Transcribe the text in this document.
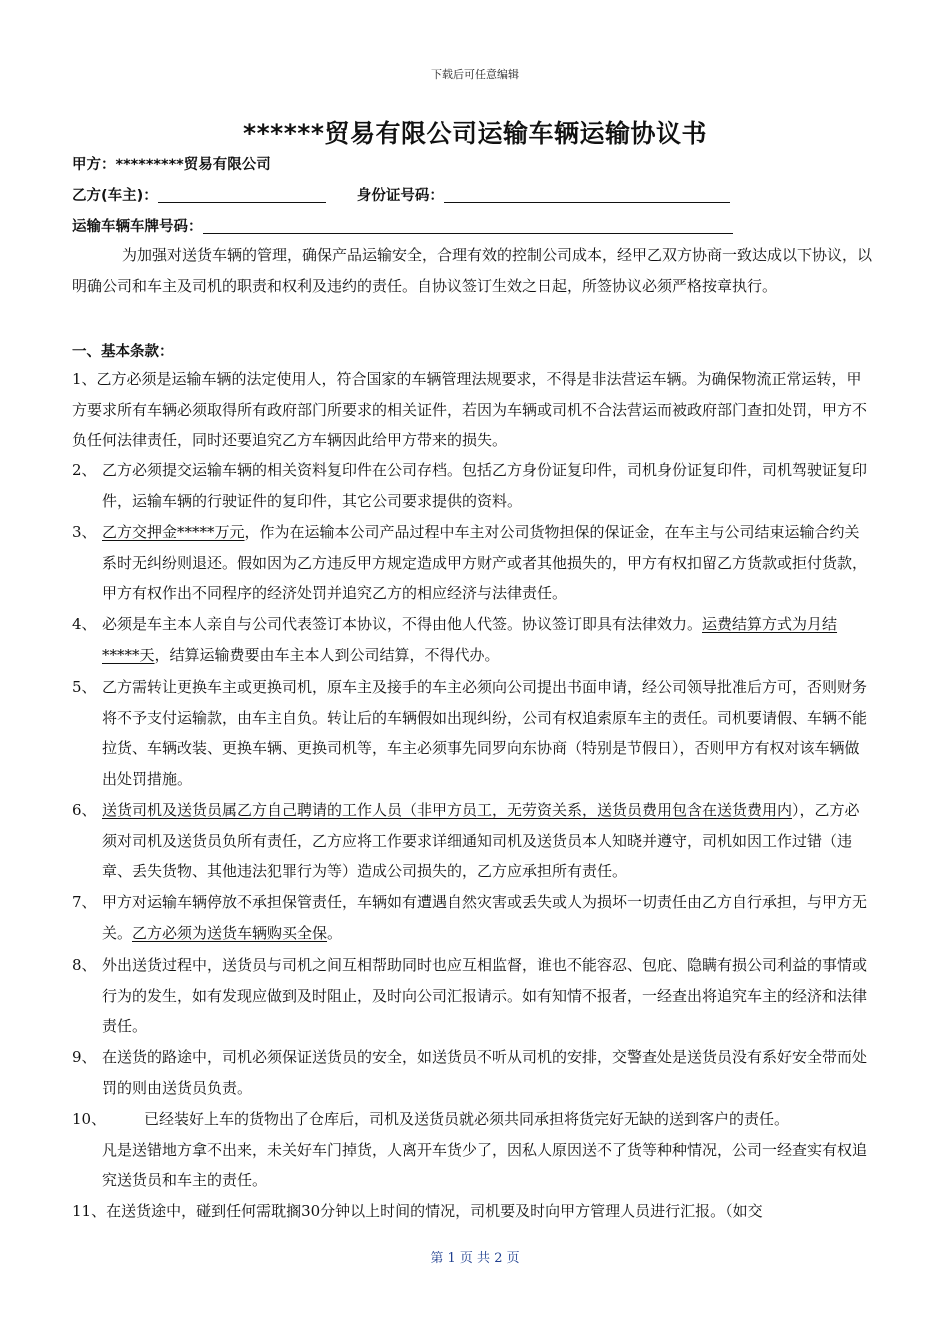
下载后可任意编辑
******贸易有限公司运输车辆运输协议书
甲方：*********贸易有限公司
乙方(车主)：	身份证号码：
运输车辆车牌号码：
为加强对送货车辆的管理，确保产品运输安全，合理有效的控制公司成本，经甲乙双方协商一致达成以下协议，以明确公司和车主及司机的职责和权利及违约的责任。自协议签订生效之日起，所签协议必须严格按章执行。
一、基本条款：
1、乙方必须是运输车辆的法定使用人，符合国家的车辆管理法规要求，不得是非法营运车辆。为确保物流正常运转，甲方要求所有车辆必须取得所有政府部门所要求的相关证件，若因为车辆或司机不合法营运而被政府部门查扣处罚，甲方不负任何法律责任，同时还要追究乙方车辆因此给甲方带来的损失。
2、 乙方必须提交运输车辆的相关资料复印件在公司存档。包括乙方身份证复印件，司机身份证复印件，司机驾驶证复印件，运输车辆的行驶证件的复印件，其它公司要求提供的资料。
3、 乙方交押金*****万元，作为在运输本公司产品过程中车主对公司货物担保的保证金，在车主与公司结束运输合约关系时无纠纷则退还。假如因为乙方违反甲方规定造成甲方财产或者其他损失的，甲方有权扣留乙方货款或拒付货款，甲方有权作出不同程序的经济处罚并追究乙方的相应经济与法律责任。
4、 必须是车主本人亲自与公司代表签订本协议，不得由他人代签。协议签订即具有法律效力。运费结算方式为月结*****天，结算运输费要由车主本人到公司结算，不得代办。
5、 乙方需转让更换车主或更换司机，原车主及接手的车主必须向公司提出书面申请，经公司领导批准后方可，否则财务将不予支付运输款，由车主自负。转让后的车辆假如出现纠纷，公司有权追索原车主的责任。司机要请假、车辆不能拉货、车辆改装、更换车辆、更换司机等，车主必须事先同罗向东协商（特别是节假日），否则甲方有权对该车辆做出处罚措施。
6、 送货司机及送货员属乙方自己聘请的工作人员（非甲方员工，无劳资关系，送货员费用包含在送货费用内），乙方必须对司机及送货员负所有责任，乙方应将工作要求详细通知司机及送货员本人知晓并遵守，司机如因工作过错（违章、丢失货物、其他违法犯罪行为等）造成公司损失的，乙方应承担所有责任。
7、 甲方对运输车辆停放不承担保管责任，车辆如有遭遇自然灾害或丢失或人为损坏一切责任由乙方自行承担，与甲方无关。乙方必须为送货车辆购买全保。
8、 外出送货过程中，送货员与司机之间互相帮助同时也应互相监督，谁也不能容忍、包庇、隐瞒有损公司利益的事情或行为的发生，如有发现应做到及时阻止，及时向公司汇报请示。如有知情不报者，一经查出将追究车主的经济和法律责任。
9、 在送货的路途中，司机必须保证送货员的安全，如送货员不听从司机的安排，交警查处是送货员没有系好安全带而处罚的则由送货员负责。
10、	已经装好上车的货物出了仓库后，司机及送货员就必须共同承担将货完好无缺的送到客户的责任。
凡是送错地方拿不出来，未关好车门掉货，人离开车货少了，因私人原因送不了货等种种情况，公司一经查实有权追究送货员和车主的责任。
11、在送货途中，碰到任何需耽搁30分钟以上时间的情况，司机要及时向甲方管理人员进行汇报。（如交
第 1 页 共 2 页
